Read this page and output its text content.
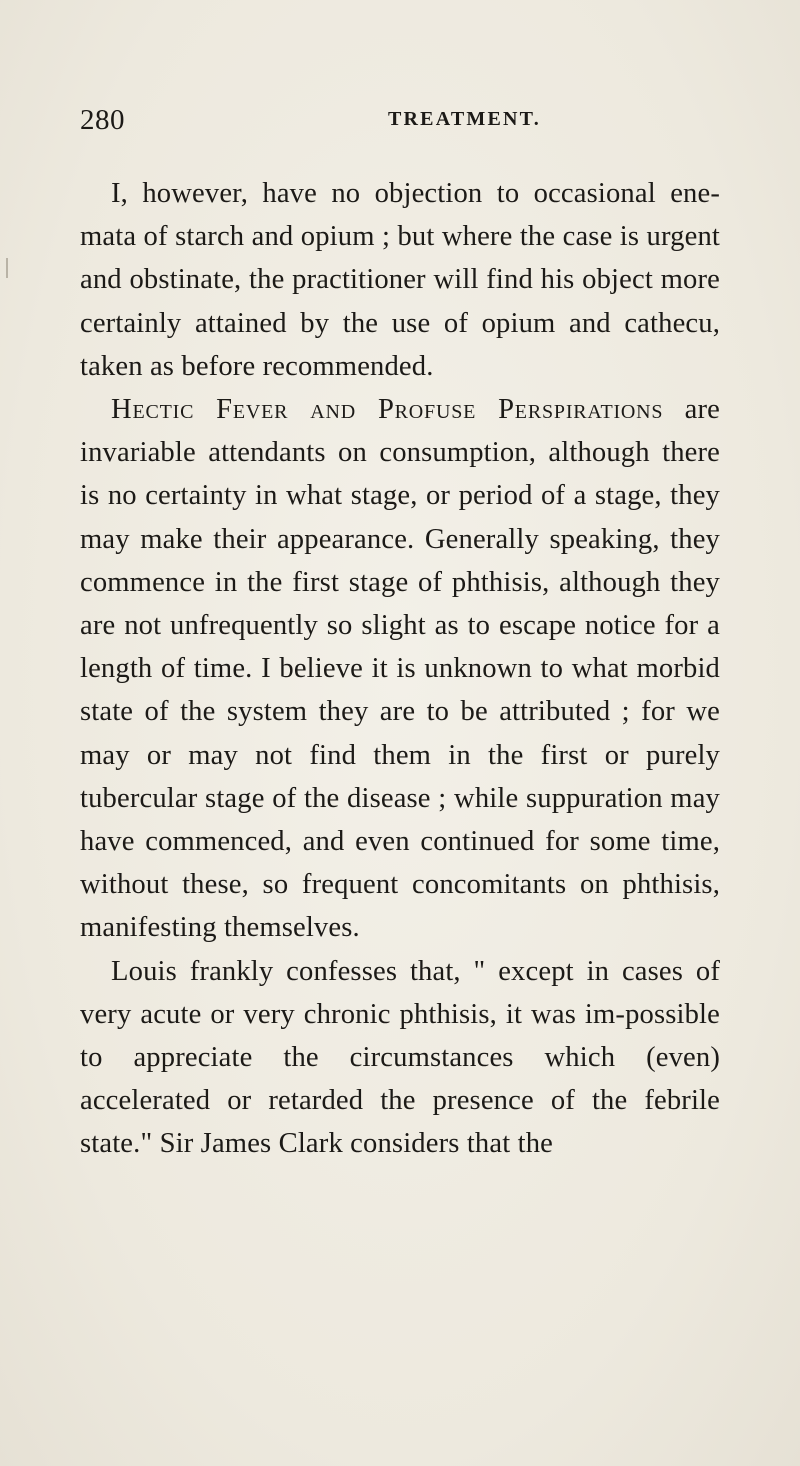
280	TREATMENT.

I, however, have no objection to occasional ene-mata of starch and opium ; but where the case is urgent and obstinate, the practitioner will find his object more certainly attained by the use of opium and cathecu, taken as before recommended.

Hectic Fever and Profuse Perspirations are invariable attendants on consumption, although there is no certainty in what stage, or period of a stage, they may make their appearance. Generally speaking, they commence in the first stage of phthisis, although they are not unfrequently so slight as to escape notice for a length of time. I believe it is unknown to what morbid state of the system they are to be attributed ; for we may or may not find them in the first or purely tubercular stage of the disease ; while suppuration may have commenced, and even continued for some time, without these, so frequent concomitants on phthisis, manifesting themselves.

Louis frankly confesses that, " except in cases of very acute or very chronic phthisis, it was im-possible to appreciate the circumstances which (even) accelerated or retarded the presence of the febrile state." Sir James Clark considers that the
